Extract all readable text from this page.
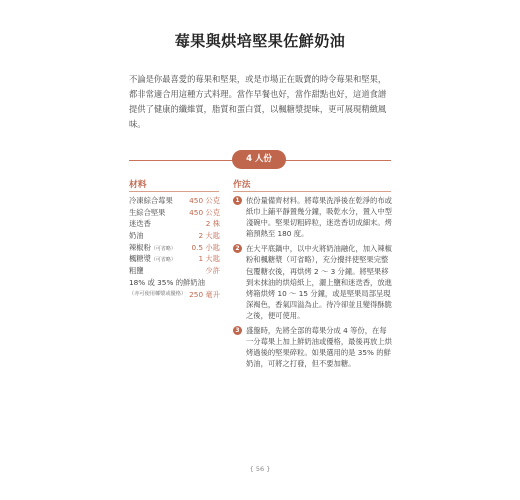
莓果與烘培堅果佐鮮奶油

不論是你最喜愛的莓果和堅果，或是市場正在販賣的時令莓果和堅果，都非常適合用這種方式料理。當作早餐也好，當作甜點也好，這道食譜提供了健康的纖維質，脂質和蛋白質，以楓糖漿提味，更可展現精緻風味。

4 人份
材料	作法
冷凍綜合莓果 450 公克
生綜合堅果	450 公克
迷迭香	2 株
奶油	2 大匙
辣椒粉（可省略） 0.5 小匙
楓糖漿（可省略）	1 大匙
粗鹽	少許
18% 或 35% 的鮮奶油
（亦可使用椰漿或優格） 250 毫升
1 依份量備齊材料。將莓果洗淨後在乾淨的布或紙巾上鋪平靜置幾分鐘，吸乾水分，置入中型淺碗中。堅果切粗碎粒，迷迭香切成細末。烤箱預熱至 180 度。
2 在大平底鍋中，以中火將奶油融化，加入辣椒粉和楓糖漿（可省略），充分攪拌使堅果完整包覆糖衣後，再烘烤 2 ～ 3 分鐘。將堅果移到未抹油的烘焙紙上，灑上鹽和迷迭香，放進烤箱烘烤 10 ～ 15 分鐘，或是堅果局部呈現深褐色，香氣四溢為止。待冷卻並且變得酥脆之後，便可使用。
3 盛盤時，先將全部的莓果分成 4 等份，在每一分莓果上加上鮮奶油或優格，最後再放上烘烤過後的堅果碎粒。如果選用的是 35% 的鮮奶油，可將之打發，但不要加糖。
{ 56 }
